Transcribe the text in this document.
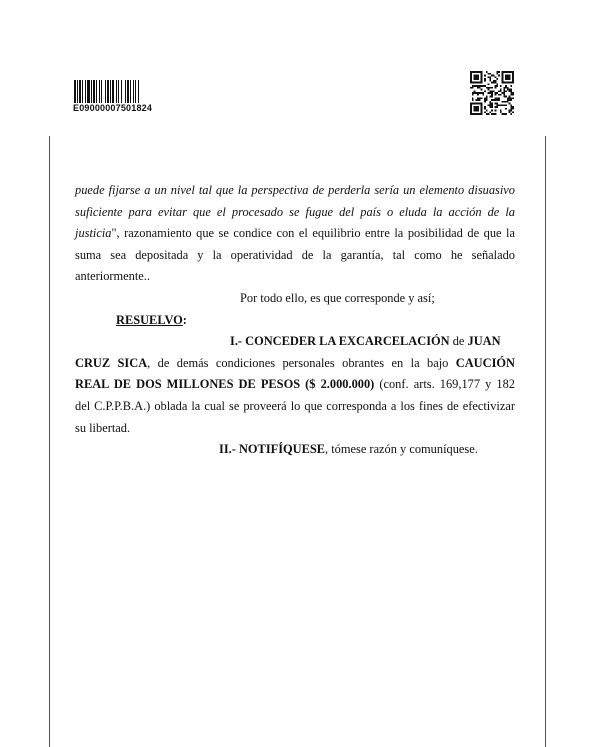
E09000007501824

puede fijarse a un nivel tal que la perspectiva de perderla sería un elemento disuasivo

suficiente para evitar que el procesado se fugue del país o eluda la acción de la

justicia", razonamiento que se condice con el equilibrio entre la posibilidad de que la

suma sea depositada y la operatividad de la garantía, tal como he señalado

anteriormente..

Por todo ello, es que corresponde y así;

RESUELVO:

I.- CONCEDER LA EXCARCELACIÓN de JUAN

CRUZ SICA, de demás condiciones personales obrantes en la bajo CAUCIÓN

REAL DE DOS MILLONES DE PESOS ($ 2.000.000) (conf. arts. 169,177 y 182

del C.P.P.B.A.) oblada la cual se proveerá lo que corresponda a los fines de efectivizar

su libertad.

II.- NOTIFÍQUESE, tómese razón y comuníquese.
